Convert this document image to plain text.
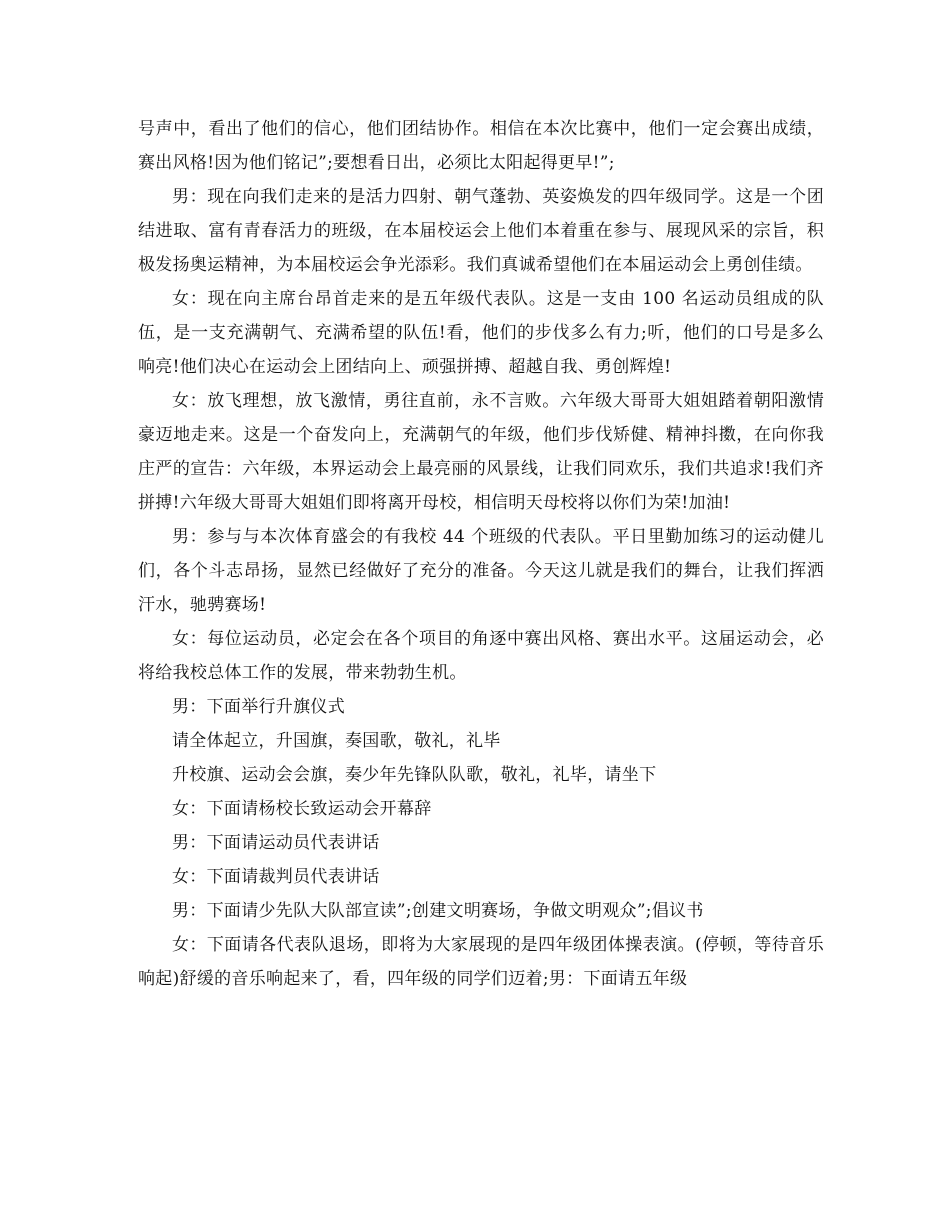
号声中，看出了他们的信心，他们团结协作。相信在本次比赛中，他们一定会赛出成绩，赛出风格!因为他们铭记”;要想看日出，必须比太阳起得更早!”;

男：现在向我们走来的是活力四射、朝气蓬勃、英姿焕发的四年级同学。这是一个团结进取、富有青春活力的班级，在本届校运会上他们本着重在参与、展现风采的宗旨，积极发扬奥运精神，为本届校运会争光添彩。我们真诚希望他们在本届运动会上勇创佳绩。

女：现在向主席台昂首走来的是五年级代表队。这是一支由 100 名运动员组成的队伍，是一支充满朝气、充满希望的队伍!看，他们的步伐多么有力;听，他们的口号是多么响亮!他们决心在运动会上团结向上、顽强拼搏、超越自我、勇创辉煌!

女：放飞理想，放飞激情，勇往直前，永不言败。六年级大哥哥大姐姐踏着朝阳激情豪迈地走来。这是一个奋发向上，充满朝气的年级，他们步伐矫健、精神抖擞，在向你我庄严的宣告：六年级，本界运动会上最亮丽的风景线，让我们同欢乐，我们共追求!我们齐拼搏!六年级大哥哥大姐姐们即将离开母校，相信明天母校将以你们为荣!加油!

男：参与与本次体育盛会的有我校 44 个班级的代表队。平日里勤加练习的运动健儿们，各个斗志昂扬，显然已经做好了充分的准备。今天这儿就是我们的舞台，让我们挥洒汗水，驰骋赛场!

女：每位运动员，必定会在各个项目的角逐中赛出风格、赛出水平。这届运动会，必将给我校总体工作的发展，带来勃勃生机。

男：下面举行升旗仪式

请全体起立，升国旗，奏国歌，敬礼，礼毕

升校旗、运动会会旗，奏少年先锋队队歌，敬礼，礼毕，请坐下

女：下面请杨校长致运动会开幕辞

男：下面请运动员代表讲话

女：下面请裁判员代表讲话

男：下面请少先队大队部宣读”;创建文明赛场，争做文明观众”;倡议书

女：下面请各代表队退场，即将为大家展现的是四年级团体操表演。(停顿，等待音乐响起)舒缓的音乐响起来了，看，四年级的同学们迈着;男：下面请五年级
